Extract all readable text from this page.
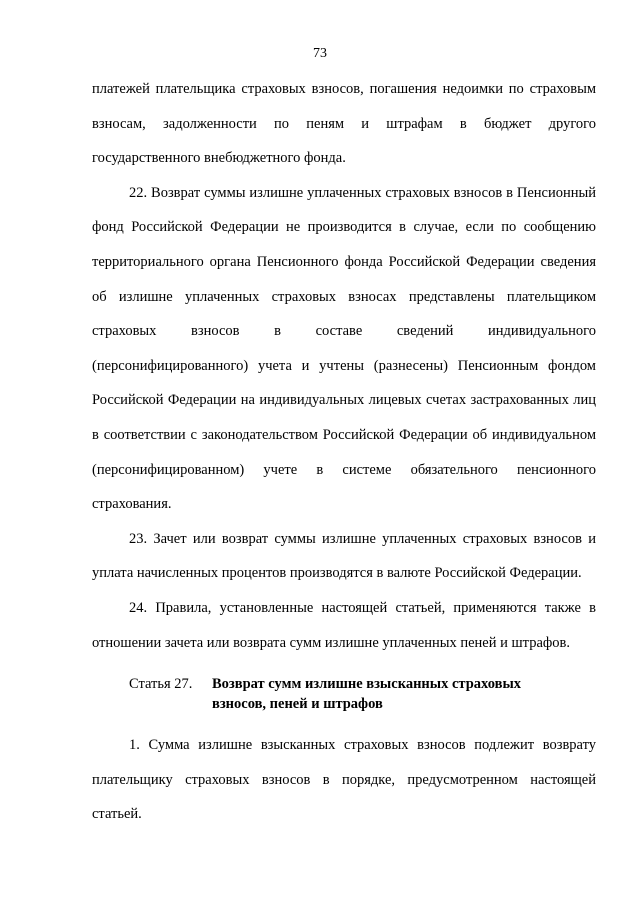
73

платежей плательщика страховых взносов, погашения недоимки по страховым взносам, задолженности по пеням и штрафам в бюджет другого государственного внебюджетного фонда.

22. Возврат суммы излишне уплаченных страховых взносов в Пенсионный фонд Российской Федерации не производится в случае, если по сообщению территориального органа Пенсионного фонда Российской Федерации сведения об излишне уплаченных страховых взносах представлены плательщиком страховых взносов в составе сведений индивидуального (персонифицированного) учета и учтены (разнесены) Пенсионным фондом Российской Федерации на индивидуальных лицевых счетах застрахованных лиц в соответствии с законодательством Российской Федерации об индивидуальном (персонифицированном) учете в системе обязательного пенсионного страхования.

23. Зачет или возврат суммы излишне уплаченных страховых взносов и уплата начисленных процентов производятся в валюте Российской Федерации.

24. Правила, установленные настоящей статьей, применяются также в отношении зачета или возврата сумм излишне уплаченных пеней и штрафов.

Статья 27.	Возврат сумм излишне взысканных страховых
взносов, пеней и штрафов

1. Сумма излишне взысканных страховых взносов подлежит возврату плательщику страховых взносов в порядке, предусмотренном настоящей статьей.
